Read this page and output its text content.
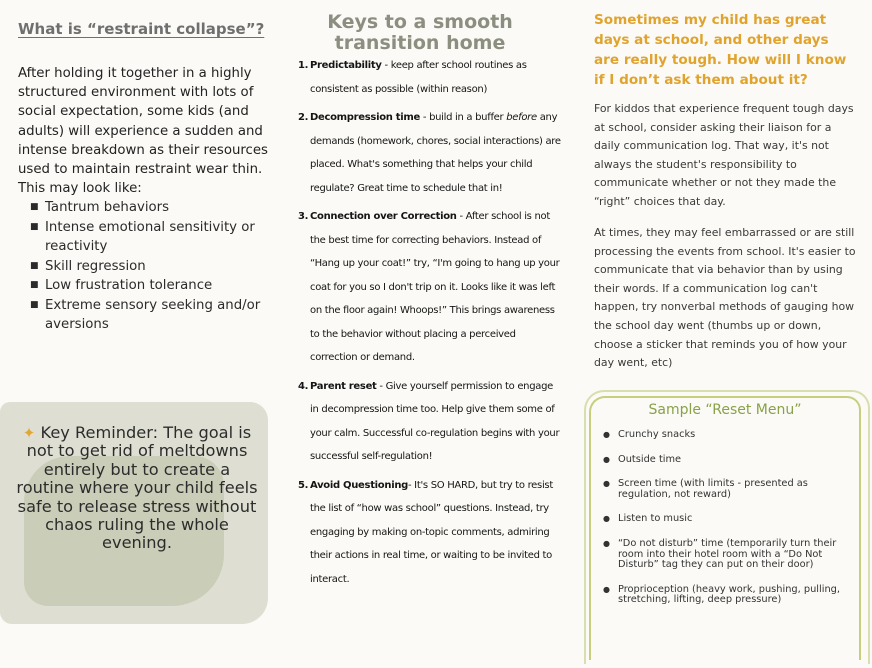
What is “restraint collapse”?
After holding it together in a highly structured environment with lots of social expectation, some kids (and adults) will experience a sudden and intense breakdown as their resources used to maintain restraint wear thin. This may look like:
■ Tantrum behaviors
■ Intense emotional sensitivity or reactivity
■ Skill regression
■ Low frustration tolerance
■ Extreme sensory seeking and/or aversions
✦ Key Reminder: The goal is not to get rid of meltdowns entirely but to create a routine where your child feels safe to release stress without chaos ruling the whole evening.
Keys to a smooth transition home
1. Predictability - keep after school routines as consistent as possible (within reason)
2. Decompression time - build in a buffer before any demands (homework, chores, social interactions) are placed. What's something that helps your child regulate? Great time to schedule that in!
3. Connection over Correction - After school is not the best time for correcting behaviors. Instead of “Hang up your coat!” try, “I'm going to hang up your coat for you so I don't trip on it. Looks like it was left on the floor again! Whoops!” This brings awareness to the behavior without placing a perceived correction or demand.
4. Parent reset - Give yourself permission to engage in decompression time too. Help give them some of your calm. Successful co-regulation begins with your successful self-regulation!
5. Avoid Questioning- It's SO HARD, but try to resist the list of “how was school” questions. Instead, try engaging by making on-topic comments, admiring their actions in real time, or waiting to be invited to interact.
Sometimes my child has great days at school, and other days are really tough. How will I know if I don’t ask them about it?
For kiddos that experience frequent tough days at school, consider asking their liaison for a daily communication log. That way, it's not always the student's responsibility to communicate whether or not they made the “right” choices that day.
At times, they may feel embarrassed or are still processing the events from school. It's easier to communicate that via behavior than by using their words. If a communication log can't happen, try nonverbal methods of gauging how the school day went (thumbs up or down, choose a sticker that reminds you of how your day went, etc)
Sample “Reset Menu”
● Crunchy snacks
● Outside time
● Screen time (with limits - presented as regulation, not reward)
● Listen to music
● “Do not disturb” time (temporarily turn their room into their hotel room with a “Do Not Disturb” tag they can put on their door)
● Proprioception (heavy work, pushing, pulling, stretching, lifting, deep pressure)
